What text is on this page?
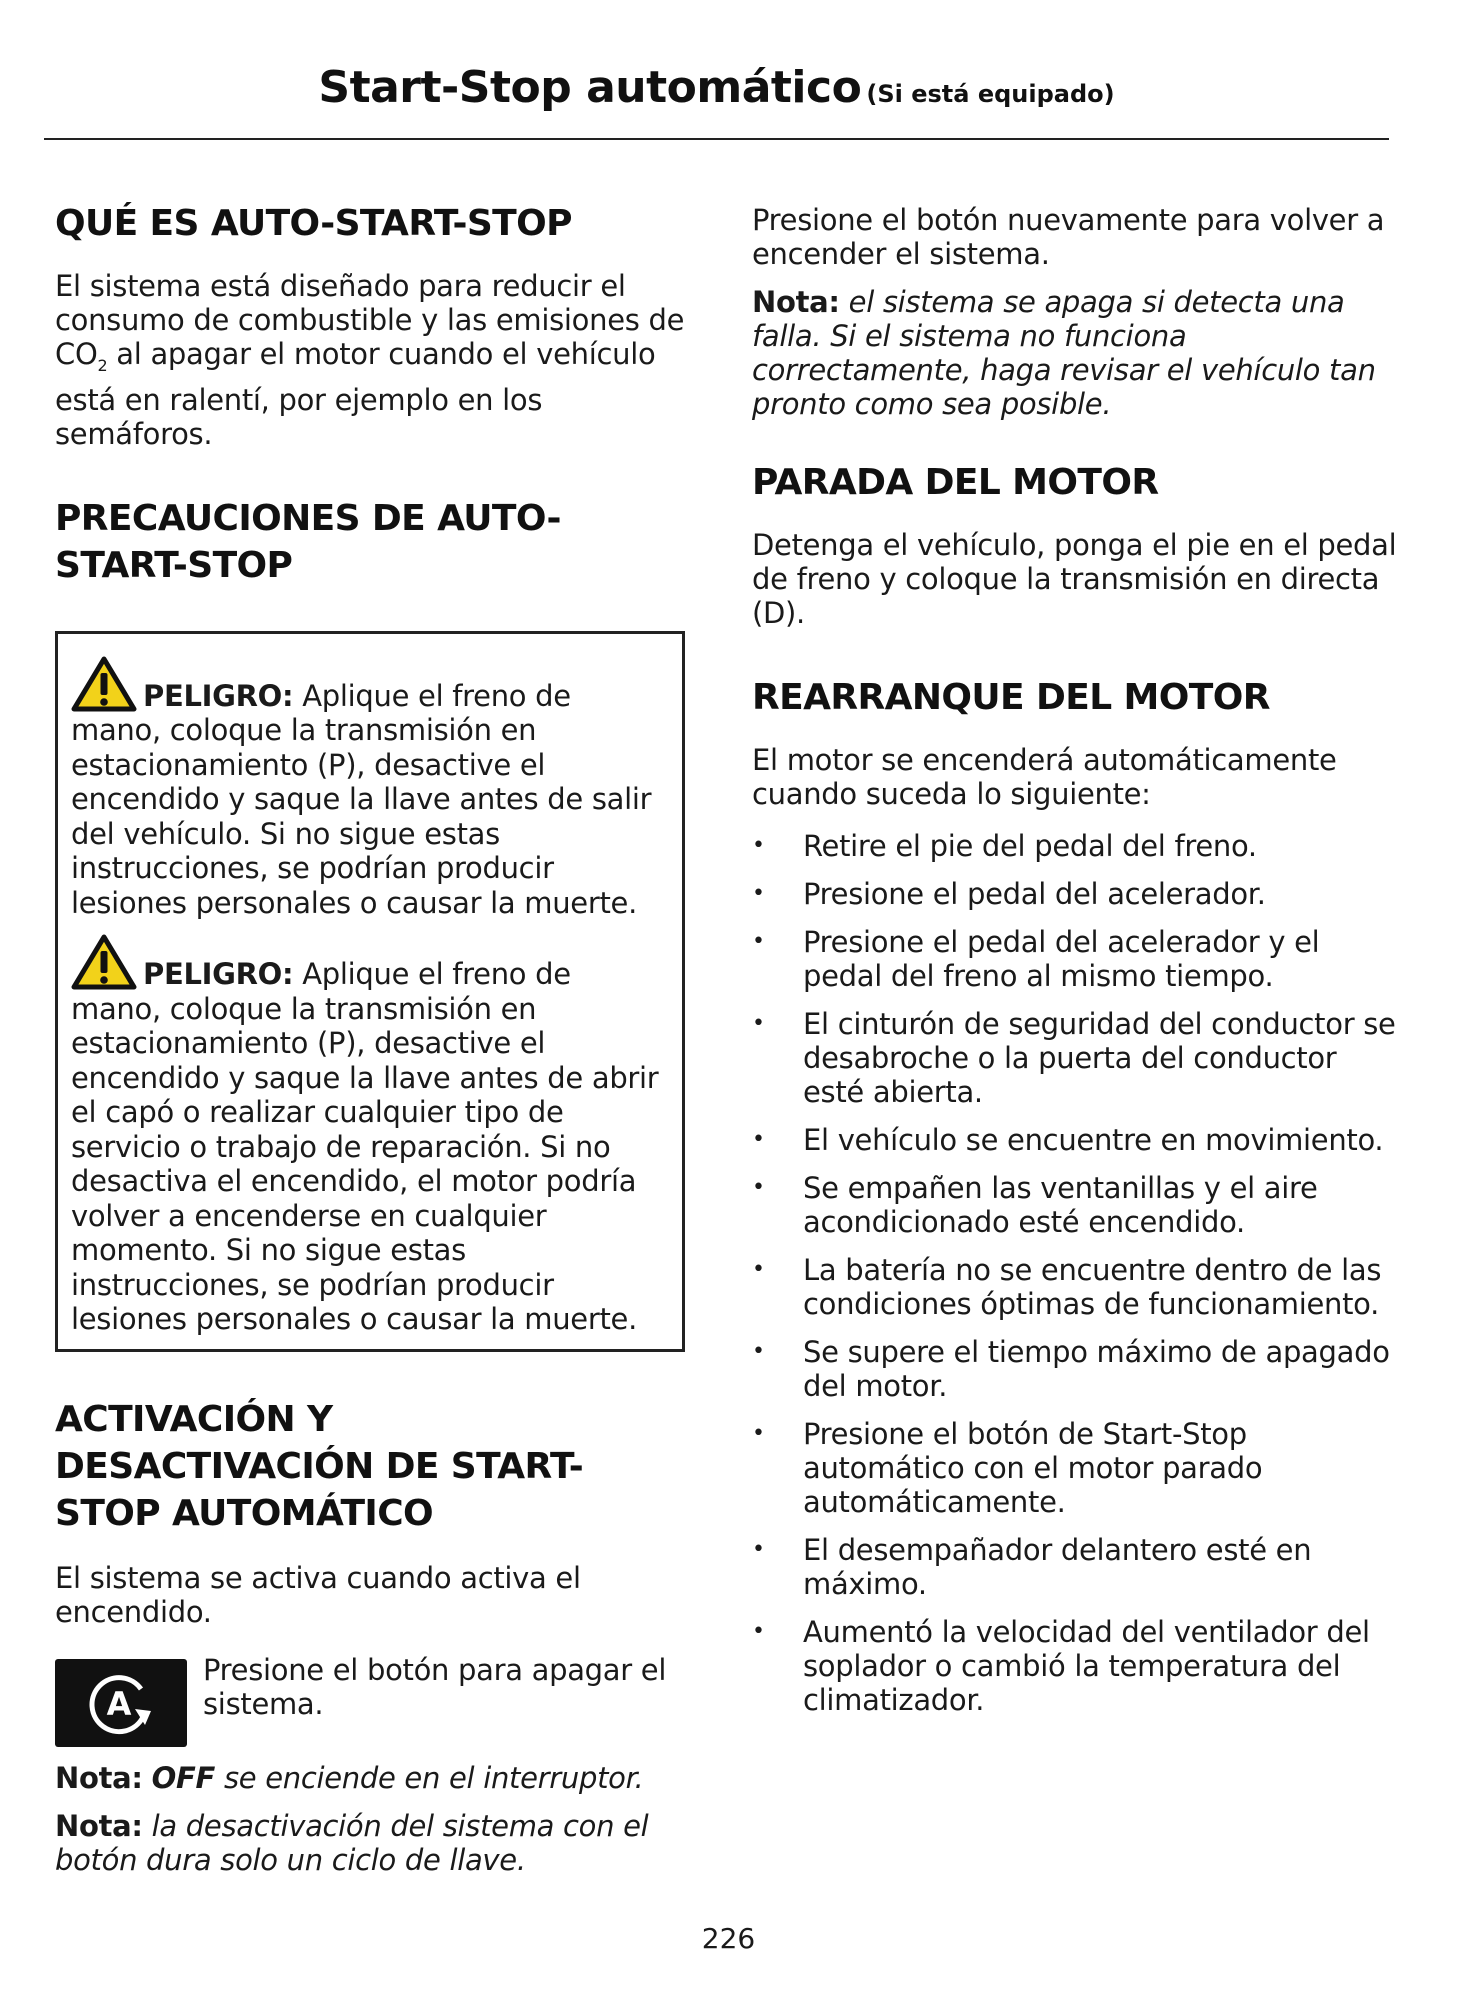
Start-Stop automático (Si está equipado)
QUÉ ES AUTO-START-STOP

El sistema está diseñado para reducir el consumo de combustible y las emisiones de $CO_2$ al apagar el motor cuando el vehículo está en ralentí, por ejemplo en los semáforos.

PRECAUCIONES DE AUTO-
START-STOP

PELIGRO: Aplique el freno de mano, coloque la transmisión en estacionamiento (P), desactive el encendido y saque la llave antes de salir del vehículo. Si no sigue estas instrucciones, se podrían producir lesiones personales o causar la muerte.

PELIGRO: Aplique el freno de mano, coloque la transmisión en estacionamiento (P), desactive el encendido y saque la llave antes de abrir el capó o realizar cualquier tipo de servicio o trabajo de reparación. Si no desactiva el encendido, el motor podría volver a encenderse en cualquier momento. Si no sigue estas instrucciones, se podrían producir lesiones personales o causar la muerte.

ACTIVACIÓN Y
DESACTIVACIÓN DE START-
STOP AUTOMÁTICO

El sistema se activa cuando activa el encendido.

A

Presione el botón para apagar el sistema.

Nota: OFF se enciende en el interruptor.

Nota: la desactivación del sistema con el botón dura solo un ciclo de llave.

Presione el botón nuevamente para volver a encender el sistema.

Nota: el sistema se apaga si detecta una falla. Si el sistema no funciona correctamente, haga revisar el vehículo tan pronto como sea posible.

PARADA DEL MOTOR

Detenga el vehículo, ponga el pie en el pedal de freno y coloque la transmisión en directa (D).

REARRANQUE DEL MOTOR

El motor se encenderá automáticamente cuando suceda lo siguiente:

• Retire el pie del pedal del freno.
• Presione el pedal del acelerador.
• Presione el pedal del acelerador y el pedal del freno al mismo tiempo.
• El cinturón de seguridad del conductor se desabroche o la puerta del conductor esté abierta.
• El vehículo se encuentre en movimiento.
• Se empañen las ventanillas y el aire acondicionado esté encendido.
• La batería no se encuentre dentro de las condiciones óptimas de funcionamiento.
• Se supere el tiempo máximo de apagado del motor.
• Presione el botón de Start-Stop automático con el motor parado automáticamente.
• El desempañador delantero esté en máximo.
• Aumentó la velocidad del ventilador del soplador o cambió la temperatura del climatizador.
226
